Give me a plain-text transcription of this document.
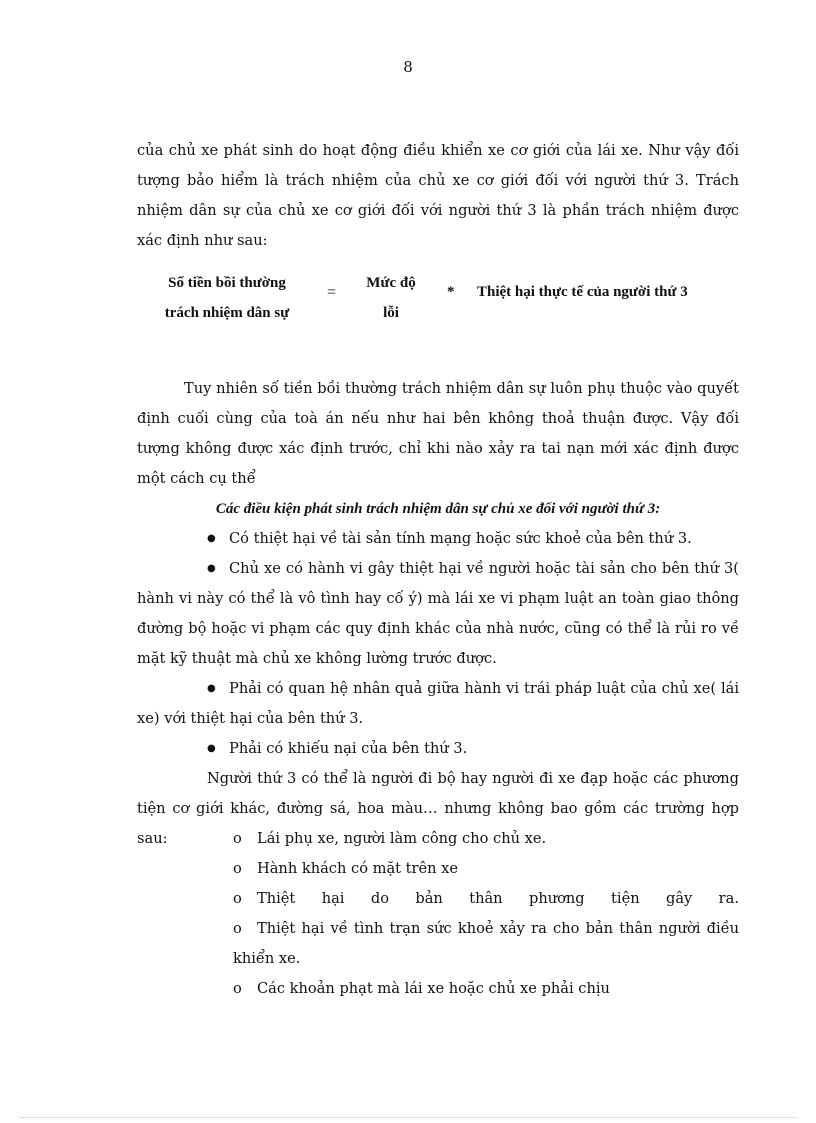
8

của chủ xe phát sinh do hoạt động điều khiển xe cơ giới của lái xe. Như vậy đối tượng bảo hiểm là trách nhiệm của chủ xe cơ giới đối với người thứ 3. Trách nhiệm dân sự của chủ xe cơ giới đối với người thứ 3 là phần trách nhiệm được xác định như sau:

Số tiền bồi thường
trách nhiệm dân sự
=
Mức độ
lỗi
* Thiệt hại thực tế của người thứ 3

Tuy nhiên số tiền bồi thường trách nhiệm dân sự luôn phụ thuộc vào quyết định cuối cùng của toà án nếu như hai bên không thoả thuận được. Vậy đối tượng không được xác định trước, chỉ khi nào xảy ra tai nạn mới xác định được một cách cụ thể

Các điều kiện phát sinh trách nhiệm dân sự chủ xe đối với người thứ 3:
● Có thiệt hại về tài sản tính mạng hoặc sức khoẻ của bên thứ 3.
● Chủ xe có hành vi gây thiệt hại về người hoặc tài sản cho bên thứ 3( hành vi này có thể là vô tình hay cố ý) mà lái xe vi phạm luật an toàn giao thông đường bộ hoặc vi phạm các quy định khác của nhà nước, cũng có thể là rủi ro về mặt kỹ thuật mà chủ xe không lường trước được.
● Phải có quan hệ nhân quả giữa hành vi trái pháp luật của chủ xe( lái xe) với thiệt hại của bên thứ 3.
● Phải có khiếu nại của bên thứ 3.

Người thứ 3 có thể là người đi bộ hay người đi xe đạp hoặc các phương tiện cơ giới khác, đường sá, hoa màu… nhưng không bao gồm các trường hợp sau:	o Lái phụ xe, người làm công cho chủ xe.
o Hành khách có mặt trên xe
o Thiệt hại do bản thân phương tiện gây ra.
o Thiệt hại về tình trạn sức khoẻ xảy ra cho bản thân người điều khiển xe.
o Các khoản phạt mà lái xe hoặc chủ xe phải chịu
